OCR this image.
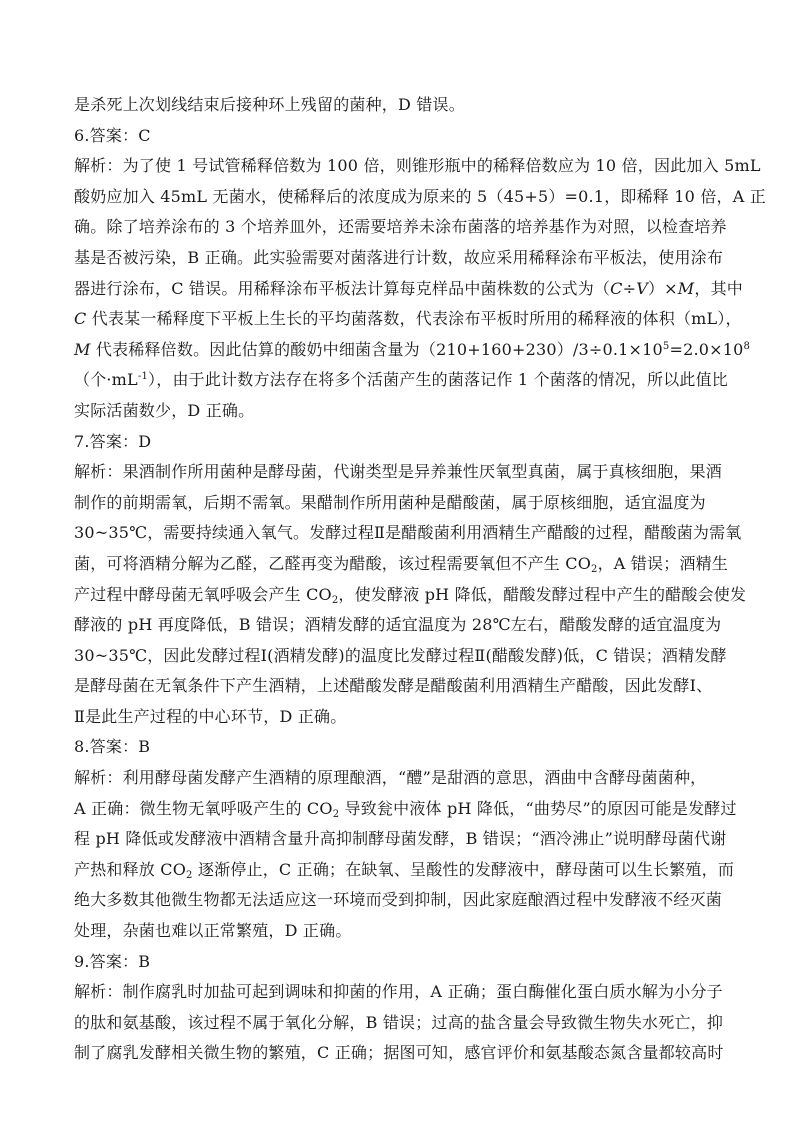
是杀死上次划线结束后接种环上残留的菌种，D 错误。
6.答案：C
解析：为了使 1 号试管稀释倍数为 100 倍，则锥形瓶中的稀释倍数应为 10 倍，因此加入 5mL
酸奶应加入 45mL 无菌水，使稀释后的浓度成为原来的 5（45+5）=0.1，即稀释 10 倍，A 正
确。除了培养涂布的 3 个培养皿外，还需要培养未涂布菌落的培养基作为对照，以检查培养
基是否被污染，B 正确。此实验需要对菌落进行计数，故应采用稀释涂布平板法，使用涂布
器进行涂布，C 错误。用稀释涂布平板法计算每克样品中菌株数的公式为（C÷V）×M，其中
C 代表某一稀释度下平板上生长的平均菌落数，代表涂布平板时所用的稀释液的体积（mL），
M 代表稀释倍数。因此估算的酸奶中细菌含量为$(210+160+230)/3\div 0.1\times 10^5=2.0\times 10^8$
（个$\cdot mL^{-1}$），由于此计数方法存在将多个活菌产生的菌落记作 1 个菌落的情况，所以此值比
实际活菌数少，D 正确。
7.答案：D
解析：果酒制作所用菌种是酵母菌，代谢类型是异养兼性厌氧型真菌，属于真核细胞，果酒
制作的前期需氧，后期不需氧。果醋制作所用菌种是醋酸菌，属于原核细胞，适宜温度为
30~35℃，需要持续通入氧气。发酵过程Ⅱ是醋酸菌利用酒精生产醋酸的过程，醋酸菌为需氧
菌，可将酒精分解为乙醛，乙醛再变为醋酸，该过程需要氧但不产生 $CO_2$，A 错误；酒精生
产过程中酵母菌无氧呼吸会产生 $CO_2$，使发酵液 pH 降低，醋酸发酵过程中产生的醋酸会使发
酵液的 pH 再度降低，B 错误；酒精发酵的适宜温度为 28℃左右，醋酸发酵的适宜温度为
30~35℃，因此发酵过程Ⅰ(酒精发酵)的温度比发酵过程Ⅱ(醋酸发酵)低，C 错误；酒精发酵
是酵母菌在无氧条件下产生酒精，上述醋酸发酵是醋酸菌利用酒精生产醋酸，因此发酵Ⅰ、
Ⅱ是此生产过程的中心环节，D 正确。
8.答案：B
解析：利用酵母菌发酵产生酒精的原理酿酒，“醴”是甜酒的意思，酒曲中含酵母菌菌种，
A 正确：微生物无氧呼吸产生的 $CO_2$ 导致瓮中液体 pH 降低，“曲势尽”的原因可能是发酵过
程 pH 降低或发酵液中酒精含量升高抑制酵母菌发酵，B 错误；“酒冷沸止”说明酵母菌代谢
产热和释放 $CO_2$ 逐渐停止，C 正确；在缺氧、呈酸性的发酵液中，酵母菌可以生长繁殖，而
绝大多数其他微生物都无法适应这一环境而受到抑制，因此家庭酿酒过程中发酵液不经灭菌
处理，杂菌也难以正常繁殖，D 正确。
9.答案：B
解析：制作腐乳时加盐可起到调味和抑菌的作用，A 正确；蛋白酶催化蛋白质水解为小分子
的肽和氨基酸，该过程不属于氧化分解，B 错误；过高的盐含量会导致微生物失水死亡，抑
制了腐乳发酵相关微生物的繁殖，C 正确；据图可知，感官评价和氨基酸态氮含量都较高时
